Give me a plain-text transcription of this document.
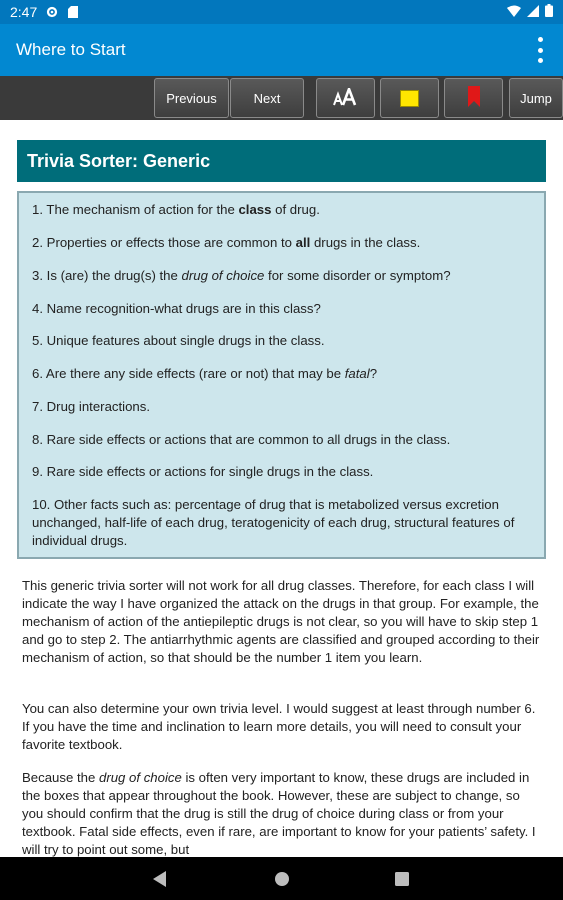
2:47
Where to Start
Previous	Next	Jump
Trivia Sorter: Generic
1. The mechanism of action for the class of drug.
2. Properties or effects those are common to all drugs in the class.
3. Is (are) the drug(s) the drug of choice for some disorder or symptom?
4. Name recognition-what drugs are in this class?
5. Unique features about single drugs in the class.
6. Are there any side effects (rare or not) that may be fatal?
7. Drug interactions.
8. Rare side effects or actions that are common to all drugs in the class.
9. Rare side effects or actions for single drugs in the class.
10. Other facts such as: percentage of drug that is metabolized versus excretion unchanged, half-life of each drug, teratogenicity of each drug, structural features of individual drugs.

This generic trivia sorter will not work for all drug classes. Therefore, for each class I will indicate the way I have organized the attack on the drugs in that group. For example, the mechanism of action of the antiepileptic drugs is not clear, so you will have to skip step 1 and go to step 2. The antiarrhythmic agents are classified and grouped according to their mechanism of action, so that should be the number 1 item you learn.

You can also determine your own trivia level. I would suggest at least through number 6. If you have the time and inclination to learn more details, you will need to consult your favorite textbook.

Because the drug of choice is often very important to know, these drugs are included in the boxes that appear throughout the book. However, these are subject to change, so you should confirm that the drug is still the drug of choice during class or from your textbook. Fatal side effects, even if rare, are important to know for your patients’ safety. I will try to point out some, but
